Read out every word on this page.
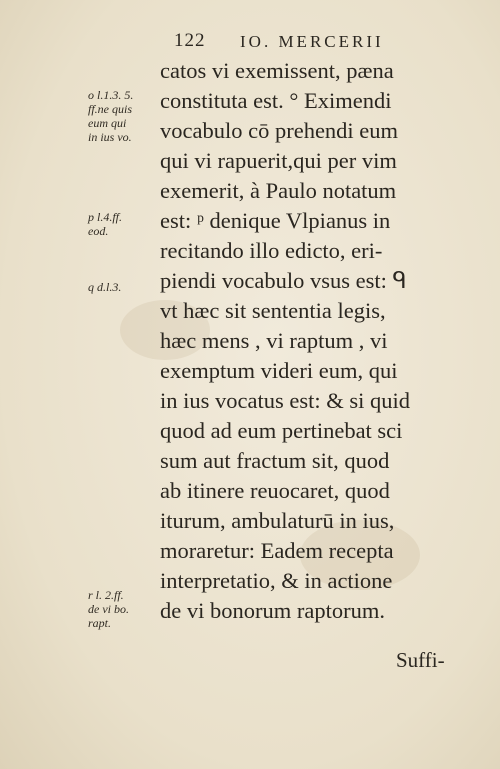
122 IO. MERCERII
catos vi exemissent, pæna
constituta est. ° Eximendi
vocabulo cō prehendi eum
qui vi rapuerit,qui per vim
exemerit, à Paulo notatum
est: ᵖ denique Vlpianus in
recitando illo edicto, eri-
piendi vocabulo vsus est: ᑫ
vt hæc sit sententia legis,
hæc mens , vi raptum , vi
exemptum videri eum, qui
in ius vocatus est: & si quid
quod ad eum pertinebat sci
sum aut fractum sit, quod
ab itinere reuocaret, quod
iturum, ambulaturū in ius,
moraretur: Eadem recepta
interpretatio, & in actione
de vi bonorum raptorum.
o l.1.3. 5.
ff.ne quis
eum qui
in ius vo.
p l.4.ff.
eod.
q d.l.3.
r l. 2.ff.
de vi bo.
rapt.
Suffi-
